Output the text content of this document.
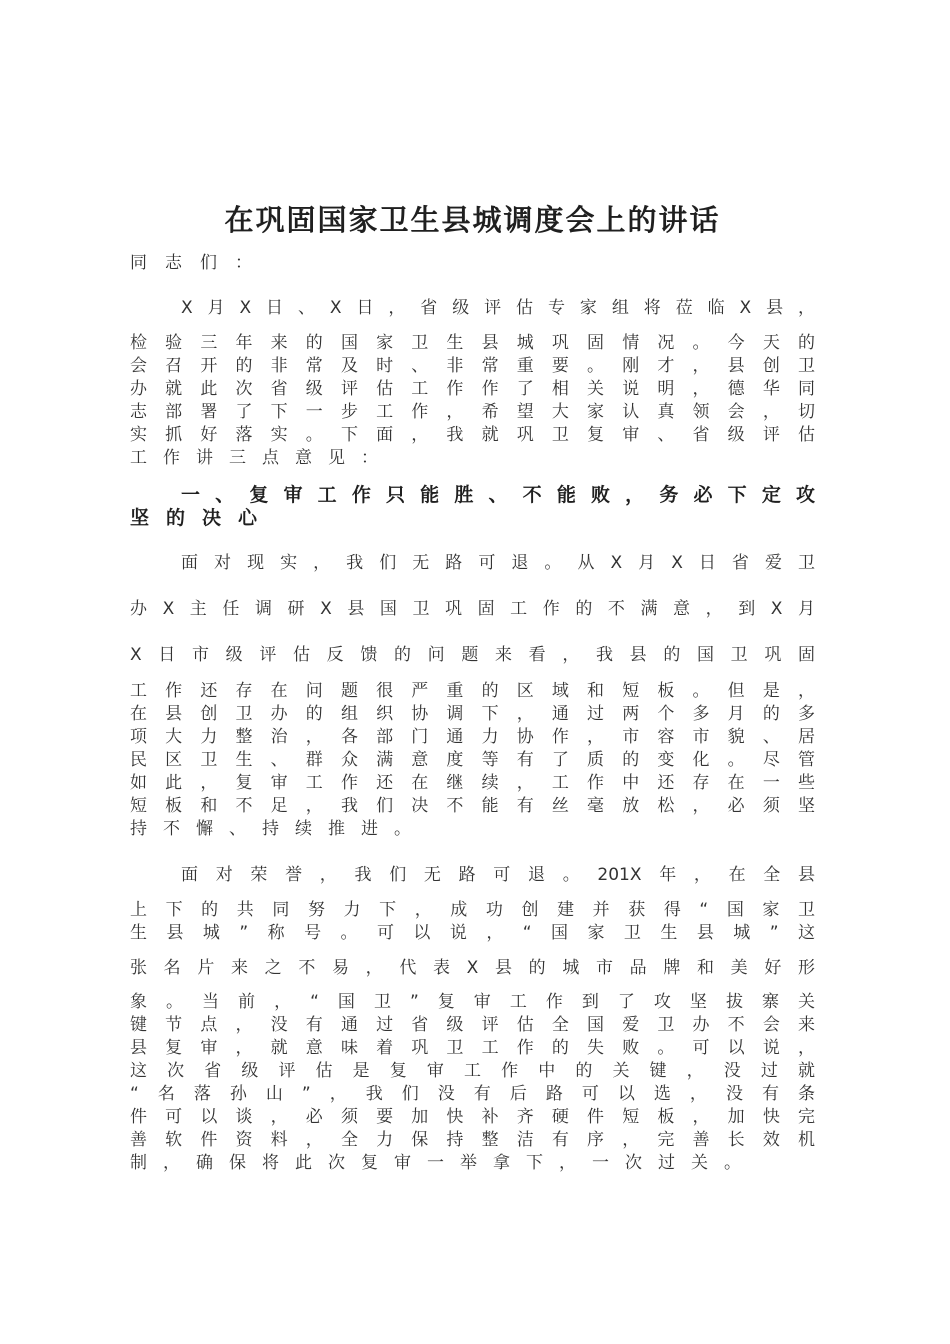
在巩固国家卫生县城调度会上的讲话
同志们：
X月X日、X日，省级评估专家组将莅临X县，
检验三年来的国家卫生县城巩固情况。今天的
会召开的非常及时、非常重要。刚才，县创卫
办就此次省级评估工作作了相关说明，德华同
志部署了下一步工作，希望大家认真领会，切
实抓好落实。下面，我就巩卫复审、省级评估
工作讲三点意见：
一、复审工作只能胜、不能败，务必下定攻
坚的决心
面对现实，我们无路可退。从X月X日省爱卫
办X主任调研X县国卫巩固工作的不满意，到X月
X日市级评估反馈的问题来看，我县的国卫巩固
工作还存在问题很严重的区域和短板。但是，
在县创卫办的组织协调下，通过两个多月的多
项大力整治，各部门通力协作，市容市貌、居
民区卫生、群众满意度等有了质的变化。尽管
如此，复审工作还在继续，工作中还存在一些
短板和不足，我们决不能有丝毫放松，必须坚
持不懈、持续推进。
面对荣誉，我们无路可退。201X年，在全县
上下的共同努力下，成功创建并获得“国家卫
生县城”称号。可以说，“国家卫生县城”这
张名片来之不易，代表X县的城市品牌和美好形
象。当前，“国卫”复审工作到了攻坚拔寨关
键节点，没有通过省级评估全国爱卫办不会来
县复审，就意味着巩卫工作的失败。可以说，
这次省级评估是复审工作中的关键，没过就
“名落孙山”，我们没有后路可以选，没有条
件可以谈，必须要加快补齐硬件短板，加快完
善软件资料，全力保持整洁有序，完善长效机
制，确保将此次复审一举拿下，一次过关。
